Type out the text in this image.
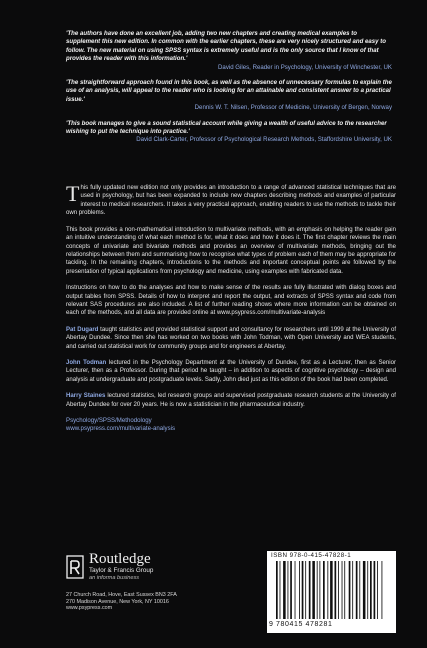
'The authors have done an excellent job, adding two new chapters and creating medical examples to supplement this new edition. In common with the earlier chapters, these are very nicely structured and easy to follow. The new material on using SPSS syntax is extremely useful and is the only source that I know of that provides the reader with this information.'

David Giles, Reader in Psychology, University of Winchester, UK

'The straightforward approach found in this book, as well as the absence of unnecessary formulas to explain the use of an analysis, will appeal to the reader who is looking for an attainable and consistent answer to a practical issue.'

Dennis W. T. Nilsen, Professor of Medicine, University of Bergen, Norway

'This book manages to give a sound statistical account while giving a wealth of useful advice to the researcher wishing to put the technique into practice.'

David Clark-Carter, Professor of Psychological Research Methods, Staffordshire University, UK

This fully updated new edition not only provides an introduction to a range of advanced statistical techniques that are used in psychology, but has been expanded to include new chapters describing methods and examples of particular interest to medical researchers. It takes a very practical approach, enabling readers to use the methods to tackle their own problems.

This book provides a non-mathematical introduction to multivariate methods, with an emphasis on helping the reader gain an intuitive understanding of what each method is for, what it does and how it does it. The first chapter reviews the main concepts of univariate and bivariate methods and provides an overview of multivariate methods, bringing out the relationships between them and summarising how to recognise what types of problem each of them may be appropriate for tackling. In the remaining chapters, introductions to the methods and important conceptual points are followed by the presentation of typical applications from psychology and medicine, using examples with fabricated data.

Instructions on how to do the analyses and how to make sense of the results are fully illustrated with dialog boxes and output tables from SPSS. Details of how to interpret and report the output, and extracts of SPSS syntax and code from relevant SAS procedures are also included. A list of further reading shows where more information can be obtained on each of the methods, and all data are provided online at www.psypress.com/multivariate-analysis

Pat Dugard taught statistics and provided statistical support and consultancy for researchers until 1999 at the University of Abertay Dundee. Since then she has worked on two books with John Todman, with Open University and WEA students, and carried out statistical work for community groups and for engineers at Abertay.

John Todman lectured in the Psychology Department at the University of Dundee, first as a Lecturer, then as Senior Lecturer, then as a Professor. During that period he taught – in addition to aspects of cognitive psychology – design and analysis at undergraduate and postgraduate levels. Sadly, John died just as this edition of the book had been completed.

Harry Staines lectured statistics, led research groups and supervised postgraduate research students at the University of Abertay Dundee for over 20 years. He is now a statistician in the pharmaceutical industry.

Psychology/SPSS/Methodology

www.psypress.com/multivariate-analysis

Routledge
Taylor & Francis Group
an informa business

27 Church Road, Hove, East Sussex BN3 2FA

270 Madison Avenue, New York, NY 10016

www.psypress.com

ISBN 978-0-415-47828-1
9 780415 478281
